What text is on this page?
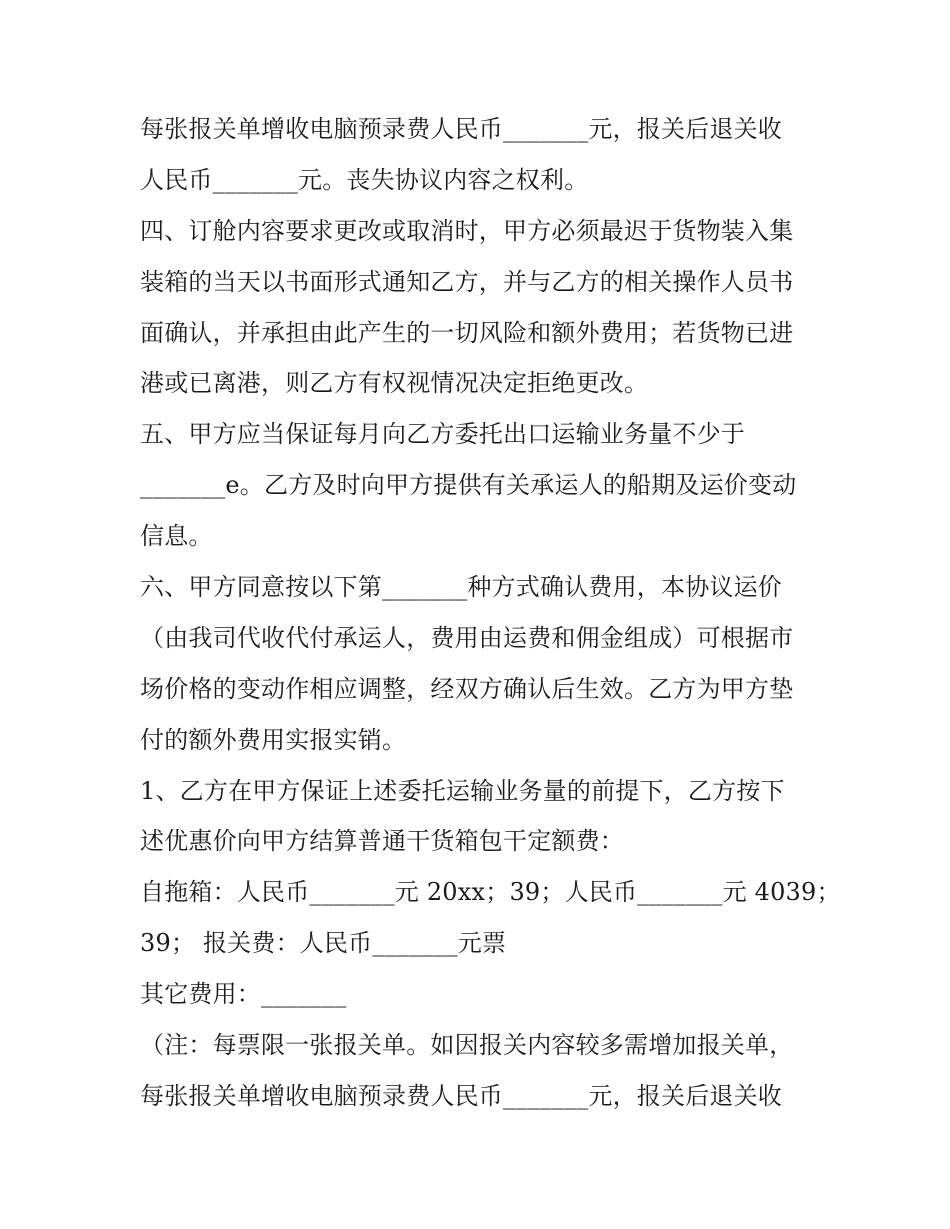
每张报关单增收电脑预录费人民币_______元，报关后退关收
人民币_______元。丧失协议内容之权利。
四、订舱内容要求更改或取消时，甲方必须最迟于货物装入集
装箱的当天以书面形式通知乙方，并与乙方的相关操作人员书
面确认，并承担由此产生的一切风险和额外费用；若货物已进
港或已离港，则乙方有权视情况决定拒绝更改。
五、甲方应当保证每月向乙方委托出口运输业务量不少于
_______e。乙方及时向甲方提供有关承运人的船期及运价变动
信息。
六、甲方同意按以下第_______种方式确认费用，本协议运价
（由我司代收代付承运人，费用由运费和佣金组成）可根据市
场价格的变动作相应调整，经双方确认后生效。乙方为甲方垫
付的额外费用实报实销。
1、乙方在甲方保证上述委托运输业务量的前提下，乙方按下
述优惠价向甲方结算普通干货箱包干定额费：
自拖箱：人民币_______元 20xx；39；人民币_______元 4039；
39； 报关费：人民币_______元票
其它费用：_______
（注：每票限一张报关单。如因报关内容较多需增加报关单，
每张报关单增收电脑预录费人民币_______元，报关后退关收
